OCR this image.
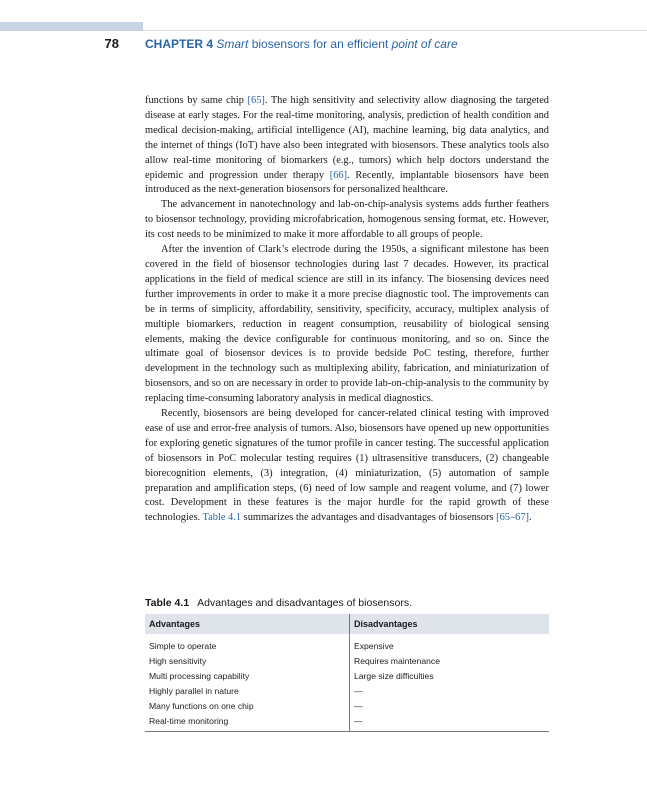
78 CHAPTER 4 Smart biosensors for an efficient point of care

functions by same chip [65]. The high sensitivity and selectivity allow diagnosing the targeted disease at early stages. For the real-time monitoring, analysis, prediction of health condition and medical decision-making, artificial intelligence (AI), machine learning, big data analytics, and the internet of things (IoT) have also been integrated with biosensors. These analytics tools also allow real-time monitoring of biomarkers (e.g., tumors) which help doctors understand the epidemic and progression under therapy [66]. Recently, implantable biosensors have been introduced as the next-generation biosensors for personalized healthcare.

The advancement in nanotechnology and lab-on-chip-analysis systems adds further feathers to biosensor technology, providing microfabrication, homogenous sensing format, etc. However, its cost needs to be minimized to make it more affordable to all groups of people.

After the invention of Clark’s electrode during the 1950s, a significant milestone has been covered in the field of biosensor technologies during last 7 decades. However, its practical applications in the field of medical science are still in its infancy. The biosensing devices need further improvements in order to make it a more precise diagnostic tool. The improvements can be in terms of simplicity, affordability, sensitivity, specificity, accuracy, multiplex analysis of multiple biomarkers, reduction in reagent consumption, reusability of biological sensing elements, making the device configurable for continuous monitoring, and so on. Since the ultimate goal of biosensor devices is to provide bedside PoC testing, therefore, further development in the technology such as multiplexing ability, fabrication, and miniaturization of biosensors, and so on are necessary in order to provide lab-on-chip-analysis to the community by replacing time-consuming laboratory analysis in medical diagnostics.

Recently, biosensors are being developed for cancer-related clinical testing with improved ease of use and error-free analysis of tumors. Also, biosensors have opened up new opportunities for exploring genetic signatures of the tumor profile in cancer testing. The successful application of biosensors in PoC molecular testing requires (1) ultrasensitive transducers, (2) changeable biorecognition elements, (3) integration, (4) miniaturization, (5) automation of sample preparation and amplification steps, (6) need of low sample and reagent volume, and (7) lower cost. Development in these features is the major hurdle for the rapid growth of these technologies. Table 4.1 summarizes the advantages and disadvantages of biosensors [65–67].

Table 4.1 Advantages and disadvantages of biosensors.
Advantages	Disadvantages
Simple to operate	Expensive
High sensitivity	Requires maintenance
Multi processing capability	Large size difficulties
Highly parallel in nature	—
Many functions on one chip	—
Real-time monitoring	—
